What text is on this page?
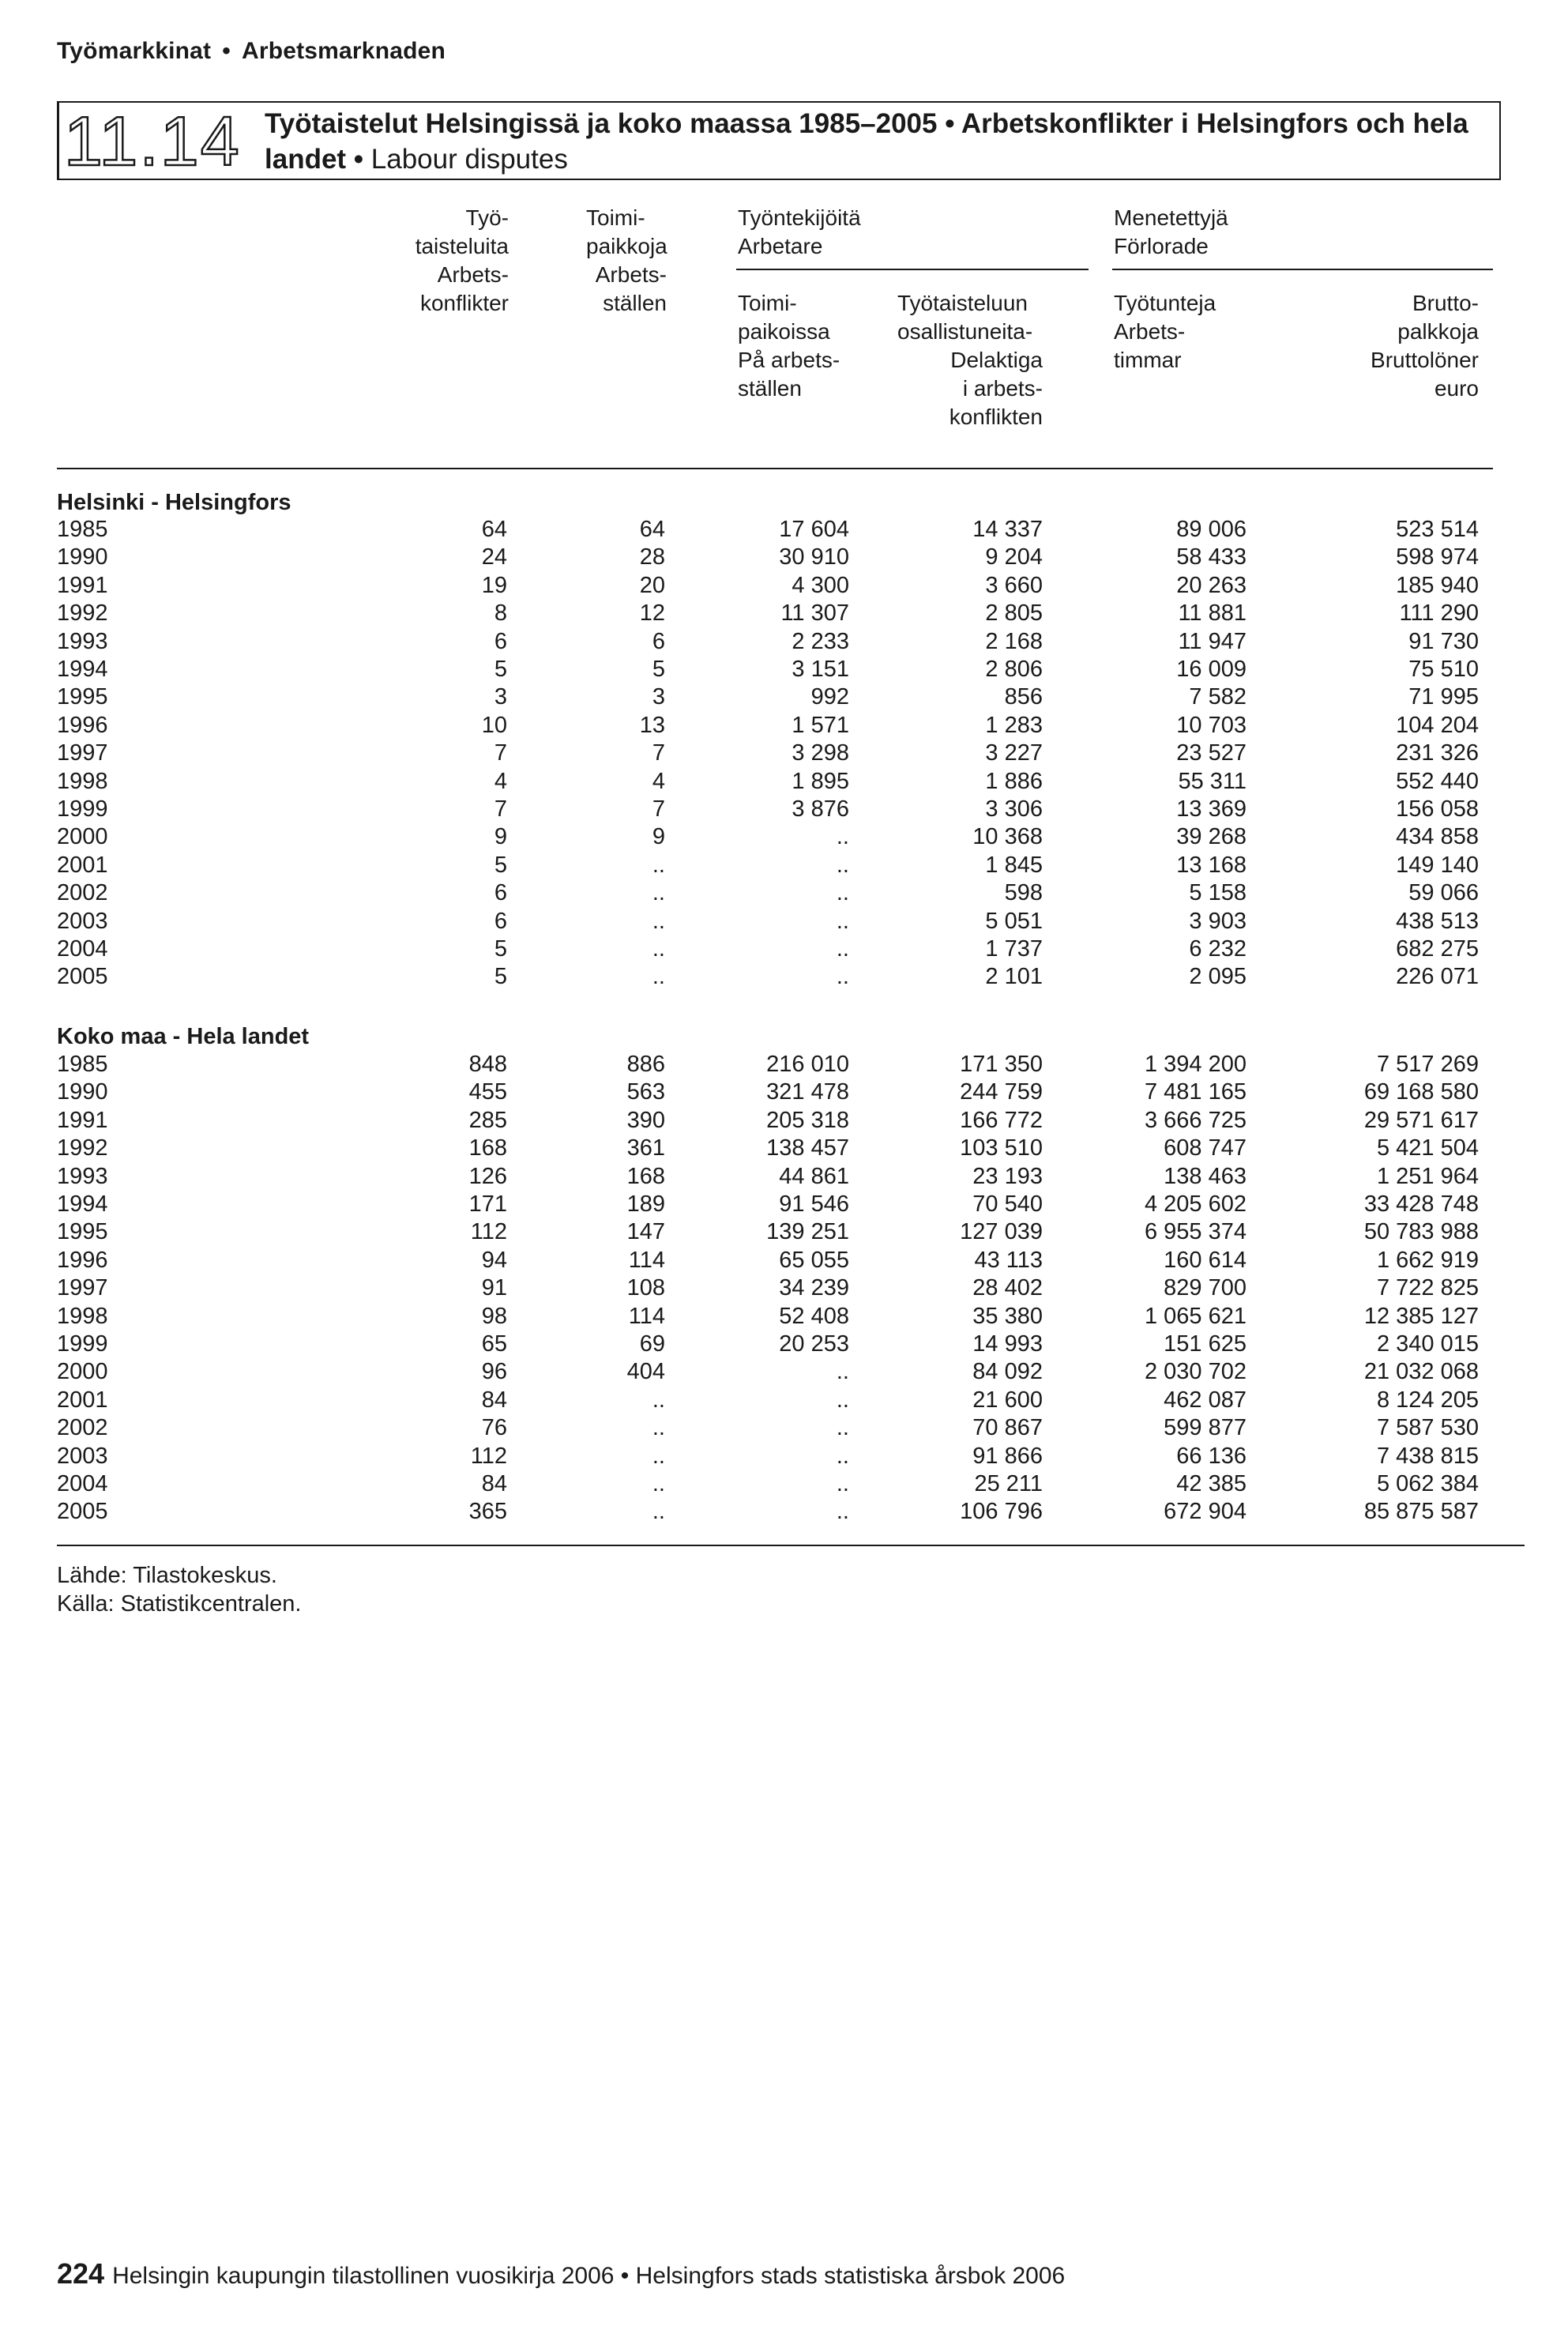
Työmarkkinat • Arbetsmarknaden
11.14 Työtaistelut Helsingissä ja koko maassa 1985–2005 • Arbetskonflikter i Helsingfors och hela landet • Labour disputes
Työ-
taisteluita
Arbets-
konflikter
Toimi-
paikkoja
Arbets-
ställen
Työntekijöitä
Arbetare
Menetettyjä
Förlorade
Toimi-
paikoissa
På arbets-
ställen
Työtaisteluun
osallistuneita-
Delaktiga
i arbets-
konflikten
Työtunteja
Arbets-
timmar
Brutto-
palkkoja
Bruttolöner
euro
Helsinki - Helsingfors
1985	64	64	17 604	14 337	89 006	523 514
1990	24	28	30 910	9 204	58 433	598 974
1991	19	20	4 300	3 660	20 263	185 940
1992	8	12	11 307	2 805	11 881	111 290
1993	6	6	2 233	2 168	11 947	91 730
1994	5	5	3 151	2 806	16 009	75 510
1995	3	3	992	856	7 582	71 995
1996	10	13	1 571	1 283	10 703	104 204
1997	7	7	3 298	3 227	23 527	231 326
1998	4	4	1 895	1 886	55 311	552 440
1999	7	7	3 876	3 306	13 369	156 058
2000	9	9	..	10 368	39 268	434 858
2001	5	..	..	1 845	13 168	149 140
2002	6	..	..	598	5 158	59 066
2003	6	..	..	5 051	3 903	438 513
2004	5	..	..	1 737	6 232	682 275
2005	5	..	..	2 101	2 095	226 071
Koko maa - Hela landet
1985	848	886	216 010	171 350	1 394 200	7 517 269
1990	455	563	321 478	244 759	7 481 165	69 168 580
1991	285	390	205 318	166 772	3 666 725	29 571 617
1992	168	361	138 457	103 510	608 747	5 421 504
1993	126	168	44 861	23 193	138 463	1 251 964
1994	171	189	91 546	70 540	4 205 602	33 428 748
1995	112	147	139 251	127 039	6 955 374	50 783 988
1996	94	114	65 055	43 113	160 614	1 662 919
1997	91	108	34 239	28 402	829 700	7 722 825
1998	98	114	52 408	35 380	1 065 621	12 385 127
1999	65	69	20 253	14 993	151 625	2 340 015
2000	96	404	..	84 092	2 030 702	21 032 068
2001	84	..	..	21 600	462 087	8 124 205
2002	76	..	..	70 867	599 877	7 587 530
2003	112	..	..	91 866	66 136	7 438 815
2004	84	..	..	25 211	42 385	5 062 384
2005	365	..	..	106 796	672 904	85 875 587
Lähde: Tilastokeskus.
Källa: Statistikcentralen.
224 Helsingin kaupungin tilastollinen vuosikirja 2006 • Helsingfors stads statistiska årsbok 2006
